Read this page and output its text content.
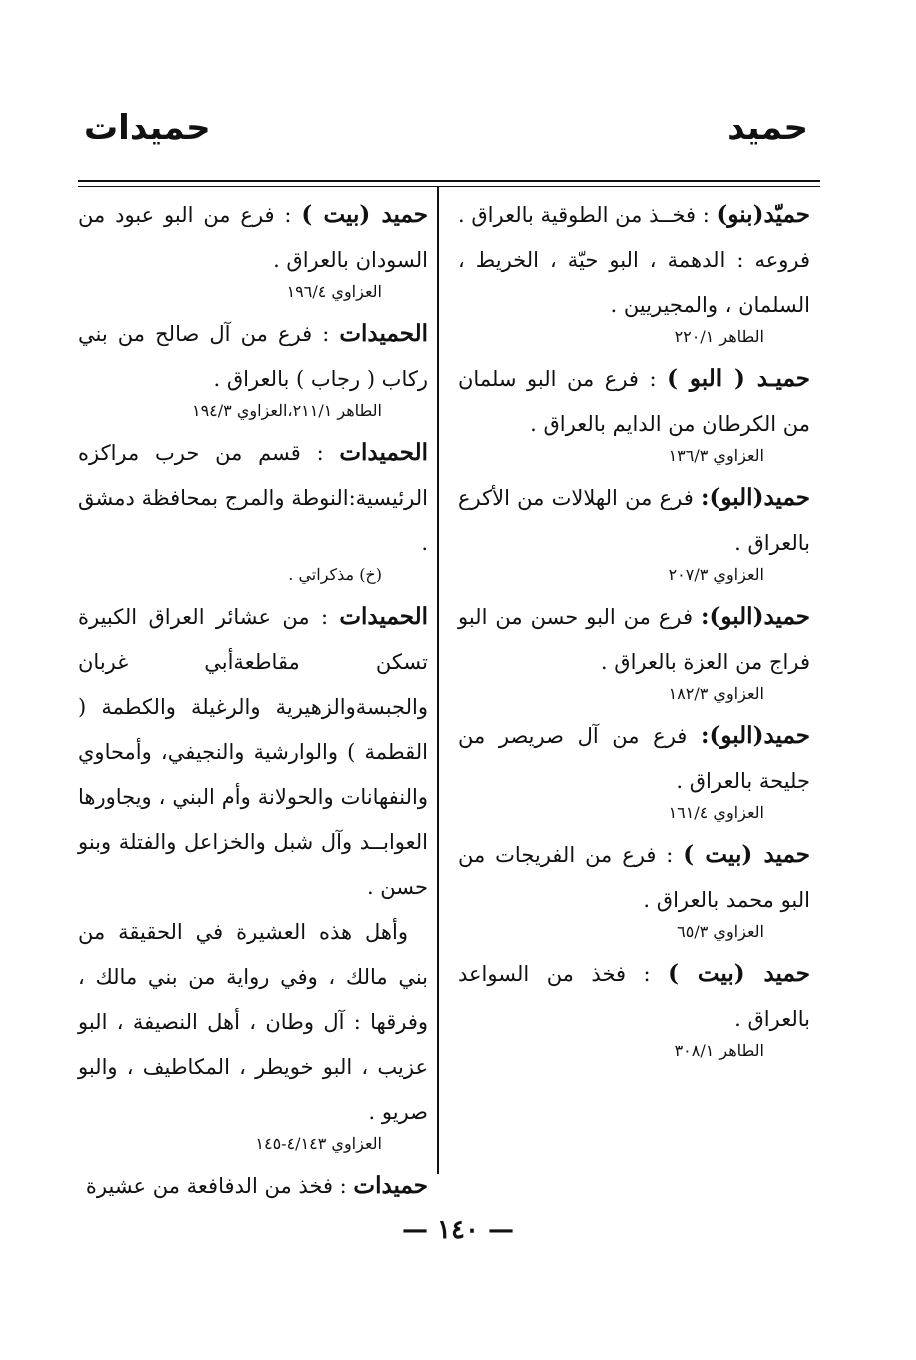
حميد
حميدات
حميّد(بنو) : فخــذ من الطوقية بالعراق . فروعه : الدهمة ، البو حيّة ، الخريط ، السلمان ، والمجيريين .
الطاهر ٢٢٠/١
حميـد ( البو ) : فرع من البو سلمان من الكرطان من الدايم بالعراق .
العزاوي ١٣٦/٣
حميد(البو): فرع من الهلالات من الأكرع بالعراق .
العزاوي ٢٠٧/٣
حميد(البو): فرع من البو حسن من البو فراج من العزة بالعراق .
العزاوي ١٨٢/٣
حميد(البو): فرع من آل صريصر من جليحة بالعراق .
العزاوي ١٦١/٤
حميد (بيت ) : فرع من الفريجات من البو محمد بالعراق .
العزاوي ٦٥/٣
حميد (بيت ) : فخذ من السواعد بالعراق .
الطاهر ٣٠٨/١
حميد (بيت ) : فرع من البو عبود من السودان بالعراق .
العزاوي ١٩٦/٤
الحميدات : فرع من آل صالح من بني ركاب ( رجاب ) بالعراق .
الطاهر ٢١١/١،العزاوي ١٩٤/٣
الحميدات : قسم من حرب مراكزه الرئيسية:النوطة والمرج بمحافظة دمشق .
(خ) مذكراتي .
الحميدات : من عشائر العراق الكبيرة تسكن مقاطعةأبي غربان والجبسةوالزهيرية والرغيلة والكطمة ( القطمة ) والوارشية والنجيفي، وأمحاوي والنفهانات والحولانة وأم البني ، ويجاورها العوابــد وآل شبل والخزاعل والفتلة وبنو حسن .
وأهل هذه العشيرة في الحقيقة من بني مالك ، وفي رواية من بني مالك ، وفرقها : آل وطان ، أهل النصيفة ، البو عزيب ، البو خويطر ، المكاطيف ، والبو صريو .
العزاوي ٤/١٤٣-١٤٥
حميدات : فخذ من الدفافعة من عشيرة
— ١٤٠ —
